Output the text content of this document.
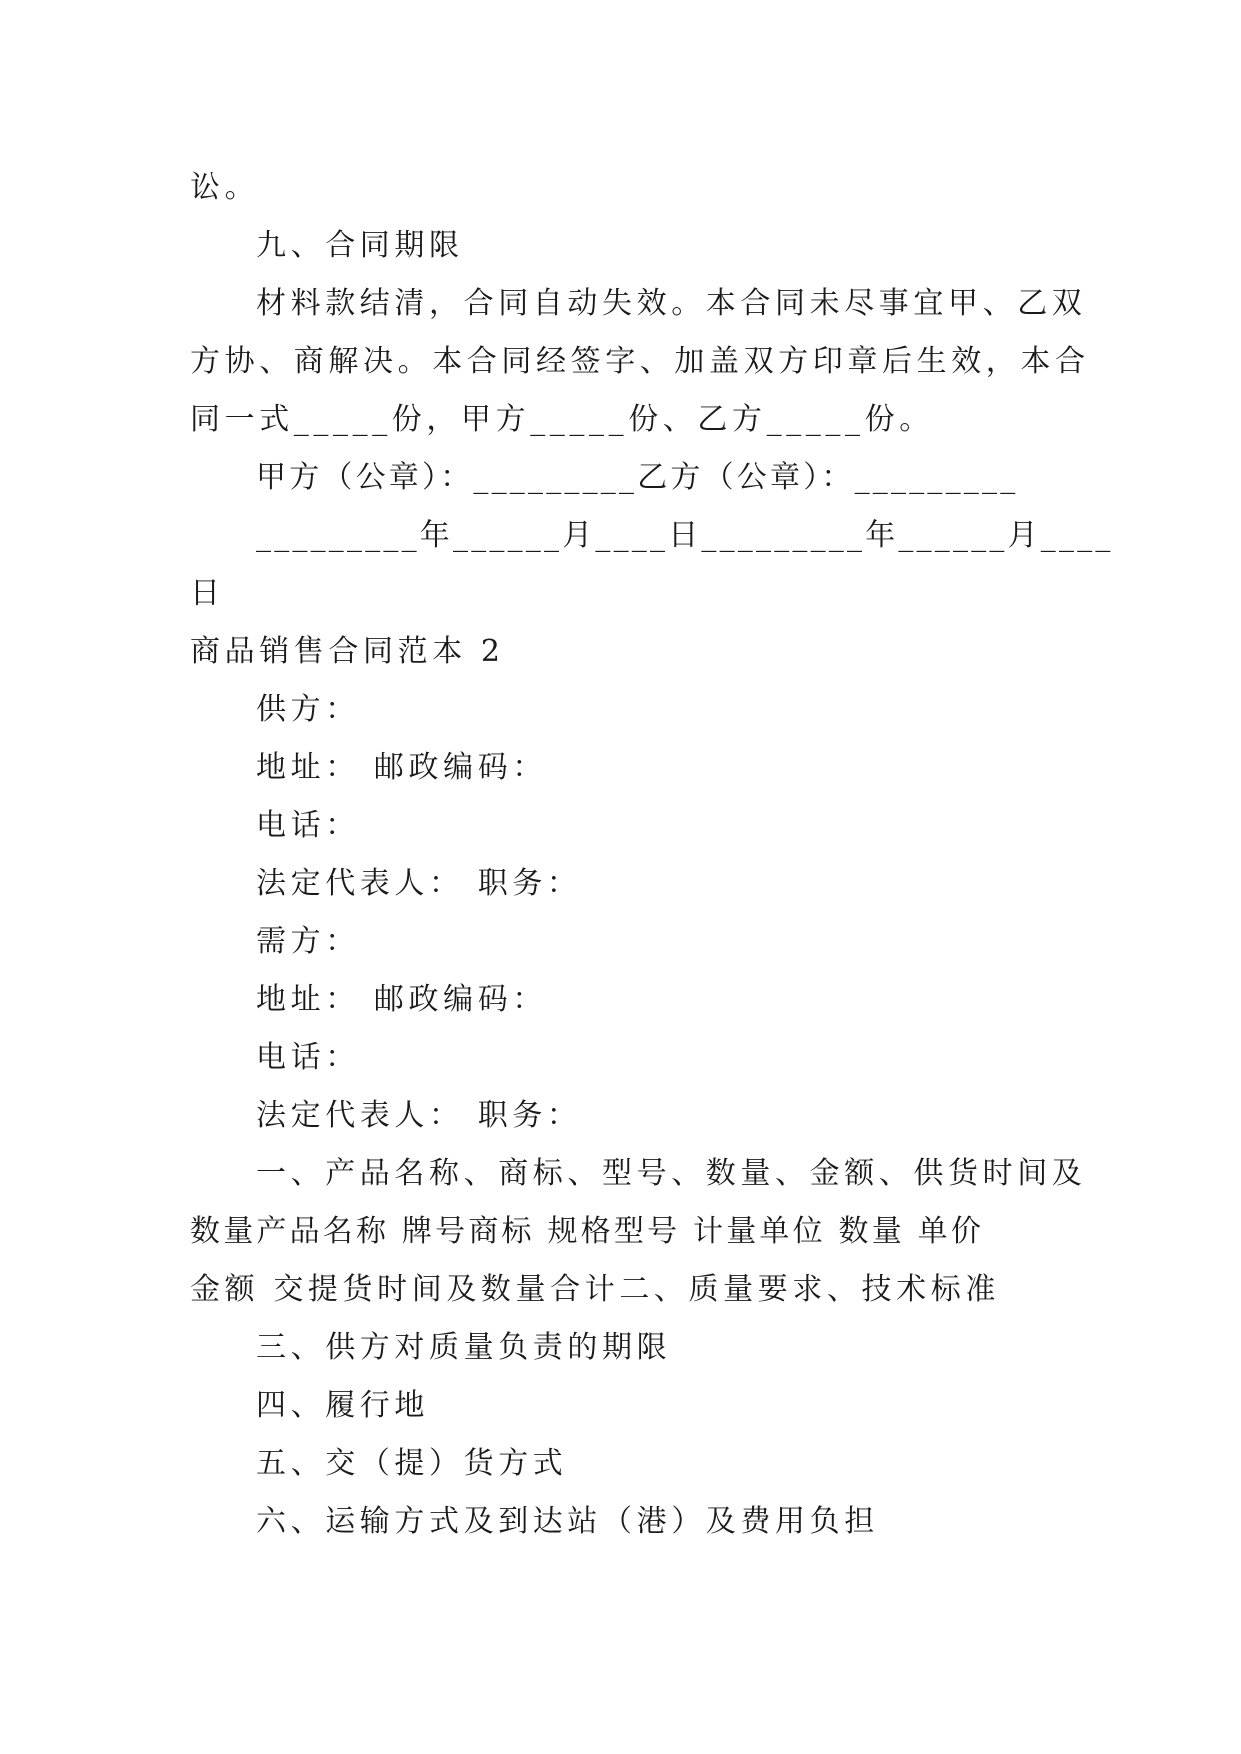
讼。
九、合同期限
材料款结清，合同自动失效。本合同未尽事宜甲、乙双
方协、商解决。本合同经签字、加盖双方印章后生效，本合
同一式_____份，甲方_____份、乙方_____份。
甲方（公章）：_________乙方（公章）：_________
_________年______月____日_________年______月____
日
商品销售合同范本 2
供方：
地址： 邮政编码：
电话：
法定代表人： 职务：
需方：
地址： 邮政编码：
电话：
法定代表人： 职务：
一、产品名称、商标、型号、数量、金额、供货时间及
数量产品名称 牌号商标 规格型号 计量单位 数量 单价
金额 交提货时间及数量合计二、质量要求、技术标准
三、供方对质量负责的期限
四、履行地
五、交（提）货方式
六、运输方式及到达站（港）及费用负担
